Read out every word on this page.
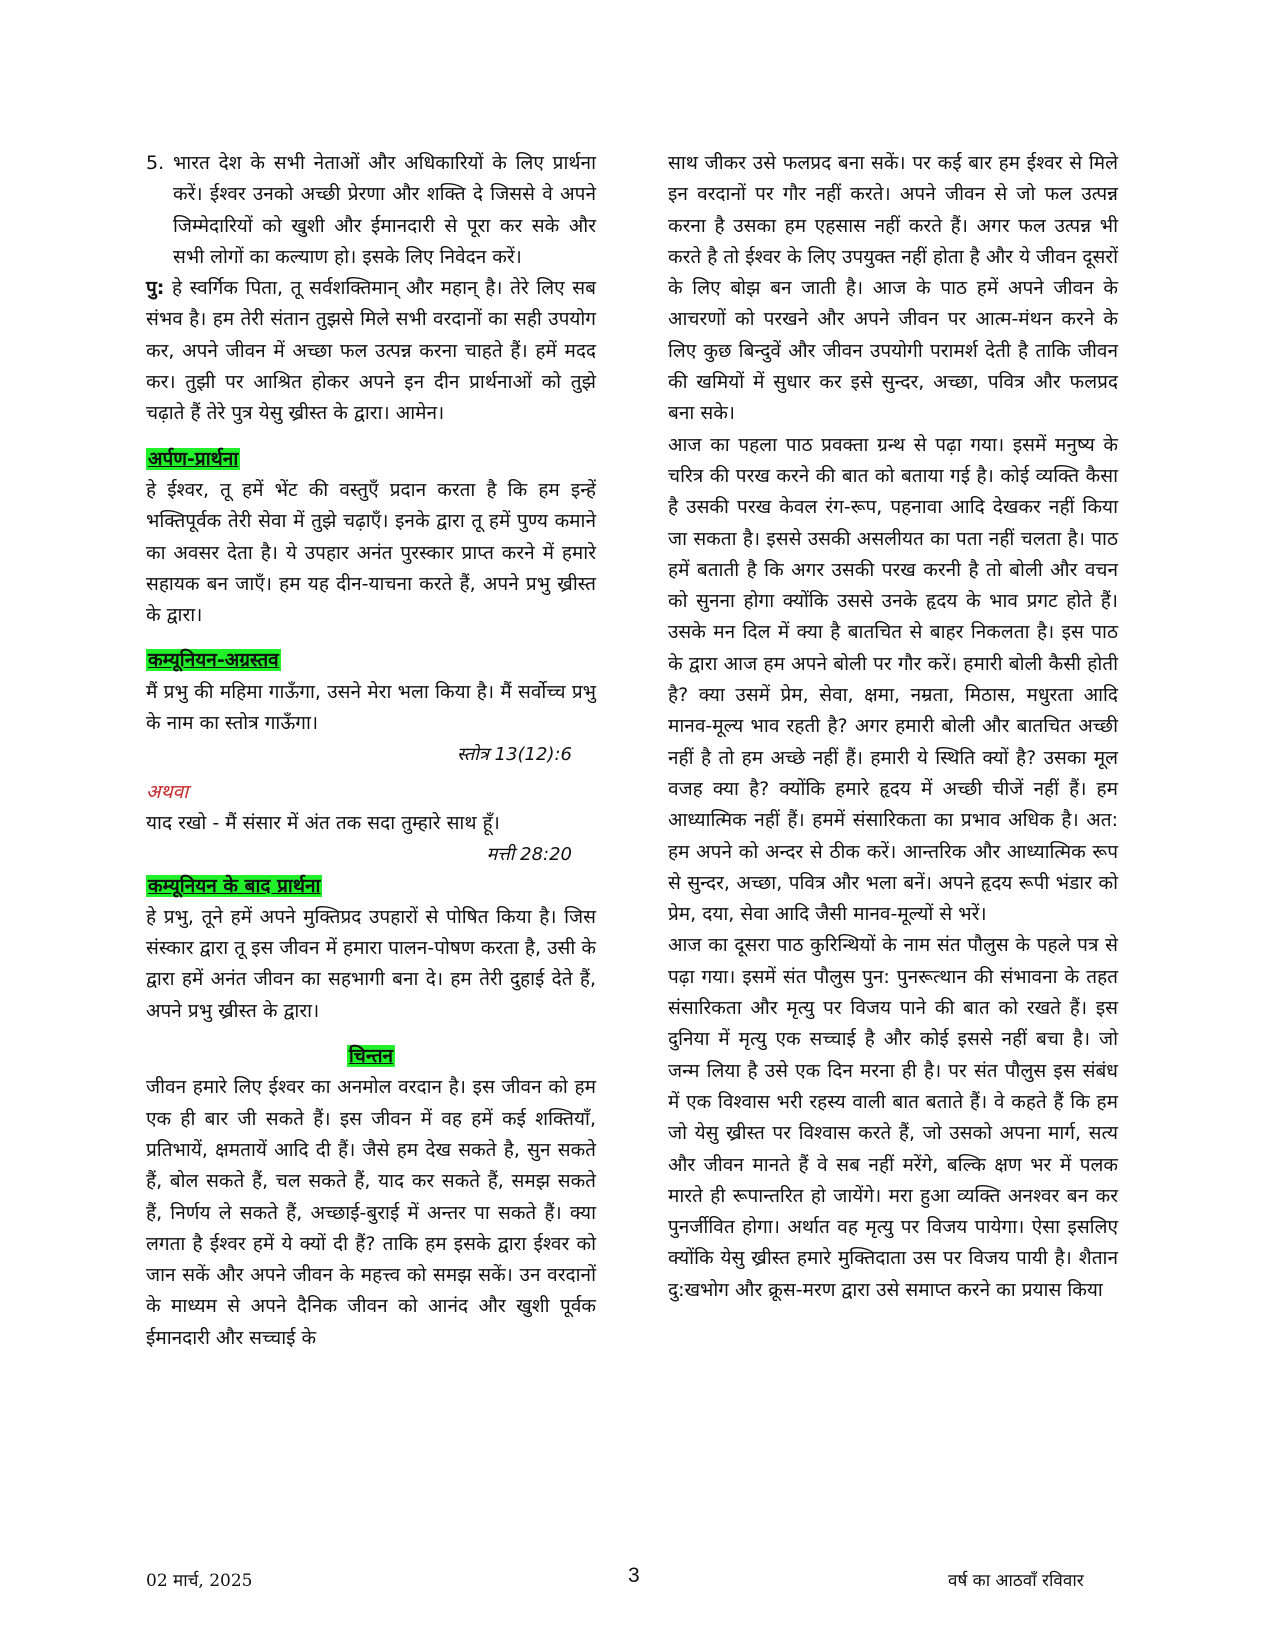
5. भारत देश के सभी नेताओं और अधिकारियों के लिए प्रार्थना करें। ईश्वर उनको अच्छी प्रेरणा और शक्ति दे जिससे वे अपने जिम्मेदारियों को खुशी और ईमानदारी से पूरा कर सके और सभी लोगों का कल्याण हो। इसके लिए निवेदन करें।

पु: हे स्वर्गिक पिता, तू सर्वशक्तिमान् और महान् है। तेरे लिए सब संभव है। हम तेरी संतान तुझसे मिले सभी वरदानों का सही उपयोग कर, अपने जीवन में अच्छा फल उत्पन्न करना चाहते हैं। हमें मदद कर। तुझी पर आश्रित होकर अपने इन दीन प्रार्थनाओं को तुझे चढ़ाते हैं तेरे पुत्र येसु ख्रीस्त के द्वारा। आमेन।

अर्पण-प्रार्थना

हे ईश्वर, तू हमें भेंट की वस्तुएँ प्रदान करता है कि हम इन्हें भक्तिपूर्वक तेरी सेवा में तुझे चढ़ाएँ। इनके द्वारा तू हमें पुण्य कमाने का अवसर देता है। ये उपहार अनंत पुरस्कार प्राप्त करने में हमारे सहायक बन जाएँ। हम यह दीन-याचना करते हैं, अपने प्रभु ख्रीस्त के द्वारा।

कम्यूनियन-अग्रस्तव

मैं प्रभु की महिमा गाऊँगा, उसने मेरा भला किया है। मैं सर्वोच्च प्रभु के नाम का स्तोत्र गाऊँगा।

स्तोत्र 13(12):6

अथवा

याद रखो - मैं संसार में अंत तक सदा तुम्हारे साथ हूँ।

मत्ती 28:20

कम्यूनियन के बाद प्रार्थना

हे प्रभु, तूने हमें अपने मुक्तिप्रद उपहारों से पोषित किया है। जिस संस्कार द्वारा तू इस जीवन में हमारा पालन-पोषण करता है, उसी के द्वारा हमें अनंत जीवन का सहभागी बना दे। हम तेरी दुहाई देते हैं, अपने प्रभु ख्रीस्त के द्वारा।

चिन्तन

जीवन हमारे लिए ईश्वर का अनमोल वरदान है। इस जीवन को हम एक ही बार जी सकते हैं। इस जीवन में वह हमें कई शक्तियाँ, प्रतिभायें, क्षमतायें आदि दी हैं। जैसे हम देख सकते है, सुन सकते हैं, बोल सकते हैं, चल सकते हैं, याद कर सकते हैं, समझ सकते हैं, निर्णय ले सकते हैं, अच्छाई-बुराई में अन्तर पा सकते हैं। क्या लगता है ईश्वर हमें ये क्यों दी हैं? ताकि हम इसके द्वारा ईश्वर को जान सकें और अपने जीवन के महत्त्व को समझ सकें। उन वरदानों के माध्यम से अपने दैनिक जीवन को आनंद और खुशी पूर्वक ईमानदारी और सच्चाई के

साथ जीकर उसे फलप्रद बना सकें। पर कई बार हम ईश्वर से मिले इन वरदानों पर गौर नहीं करते। अपने जीवन से जो फल उत्पन्न करना है उसका हम एहसास नहीं करते हैं। अगर फल उत्पन्न भी करते है तो ईश्वर के लिए उपयुक्त नहीं होता है और ये जीवन दूसरों के लिए बोझ बन जाती है। आज के पाठ हमें अपने जीवन के आचरणों को परखने और अपने जीवन पर आत्म-मंथन करने के लिए कुछ बिन्दुवें और जीवन उपयोगी परामर्श देती है ताकि जीवन की खमियों में सुधार कर इसे सुन्दर, अच्छा, पवित्र और फलप्रद बना सके।

आज का पहला पाठ प्रवक्ता ग्रन्थ से पढ़ा गया। इसमें मनुष्य के चरित्र की परख करने की बात को बताया गई है। कोई व्यक्ति कैसा है उसकी परख केवल रंग-रूप, पहनावा आदि देखकर नहीं किया जा सकता है। इससे उसकी असलीयत का पता नहीं चलता है। पाठ हमें बताती है कि अगर उसकी परख करनी है तो बोली और वचन को सुनना होगा क्योंकि उससे उनके हृदय के भाव प्रगट होते हैं। उसके मन दिल में क्या है बातचित से बाहर निकलता है। इस पाठ के द्वारा आज हम अपने बोली पर गौर करें। हमारी बोली कैसी होती है? क्या उसमें प्रेम, सेवा, क्षमा, नम्रता, मिठास, मधुरता आदि मानव-मूल्य भाव रहती है? अगर हमारी बोली और बातचित अच्छी नहीं है तो हम अच्छे नहीं हैं। हमारी ये स्थिति क्यों है? उसका मूल वजह क्या है? क्योंकि हमारे हृदय में अच्छी चीजें नहीं हैं। हम आध्यात्मिक नहीं हैं। हममें संसारिकता का प्रभाव अधिक है। अत: हम अपने को अन्दर से ठीक करें। आन्तरिक और आध्यात्मिक रूप से सुन्दर, अच्छा, पवित्र और भला बनें। अपने हृदय रूपी भंडार को प्रेम, दया, सेवा आदि जैसी मानव-मूल्यों से भरें।

आज का दूसरा पाठ कुरिन्थियों के नाम संत पौलुस के पहले पत्र से पढ़ा गया। इसमें संत पौलुस पुन: पुनरूत्थान की संभावना के तहत संसारिकता और मृत्यु पर विजय पाने की बात को रखते हैं। इस दुनिया में मृत्यु एक सच्चाई है और कोई इससे नहीं बचा है। जो जन्म लिया है उसे एक दिन मरना ही है। पर संत पौलुस इस संबंध में एक विश्वास भरी रहस्य वाली बात बताते हैं। वे कहते हैं कि हम जो येसु ख्रीस्त पर विश्वास करते हैं, जो उसको अपना मार्ग, सत्य और जीवन मानते हैं वे सब नहीं मरेंगे, बल्कि क्षण भर में पलक मारते ही रूपान्तरित हो जायेंगे। मरा हुआ व्यक्ति अनश्वर बन कर पुनर्जीवित होगा। अर्थात वह मृत्यु पर विजय पायेगा। ऐसा इसलिए क्योंकि येसु ख्रीस्त हमारे मुक्तिदाता उस पर विजय पायी है। शैतान दु:खभोग और क्रूस-मरण द्वारा उसे समाप्त करने का प्रयास किया

02 मार्च, 2025	3	वर्ष का आठवाँ रविवार
